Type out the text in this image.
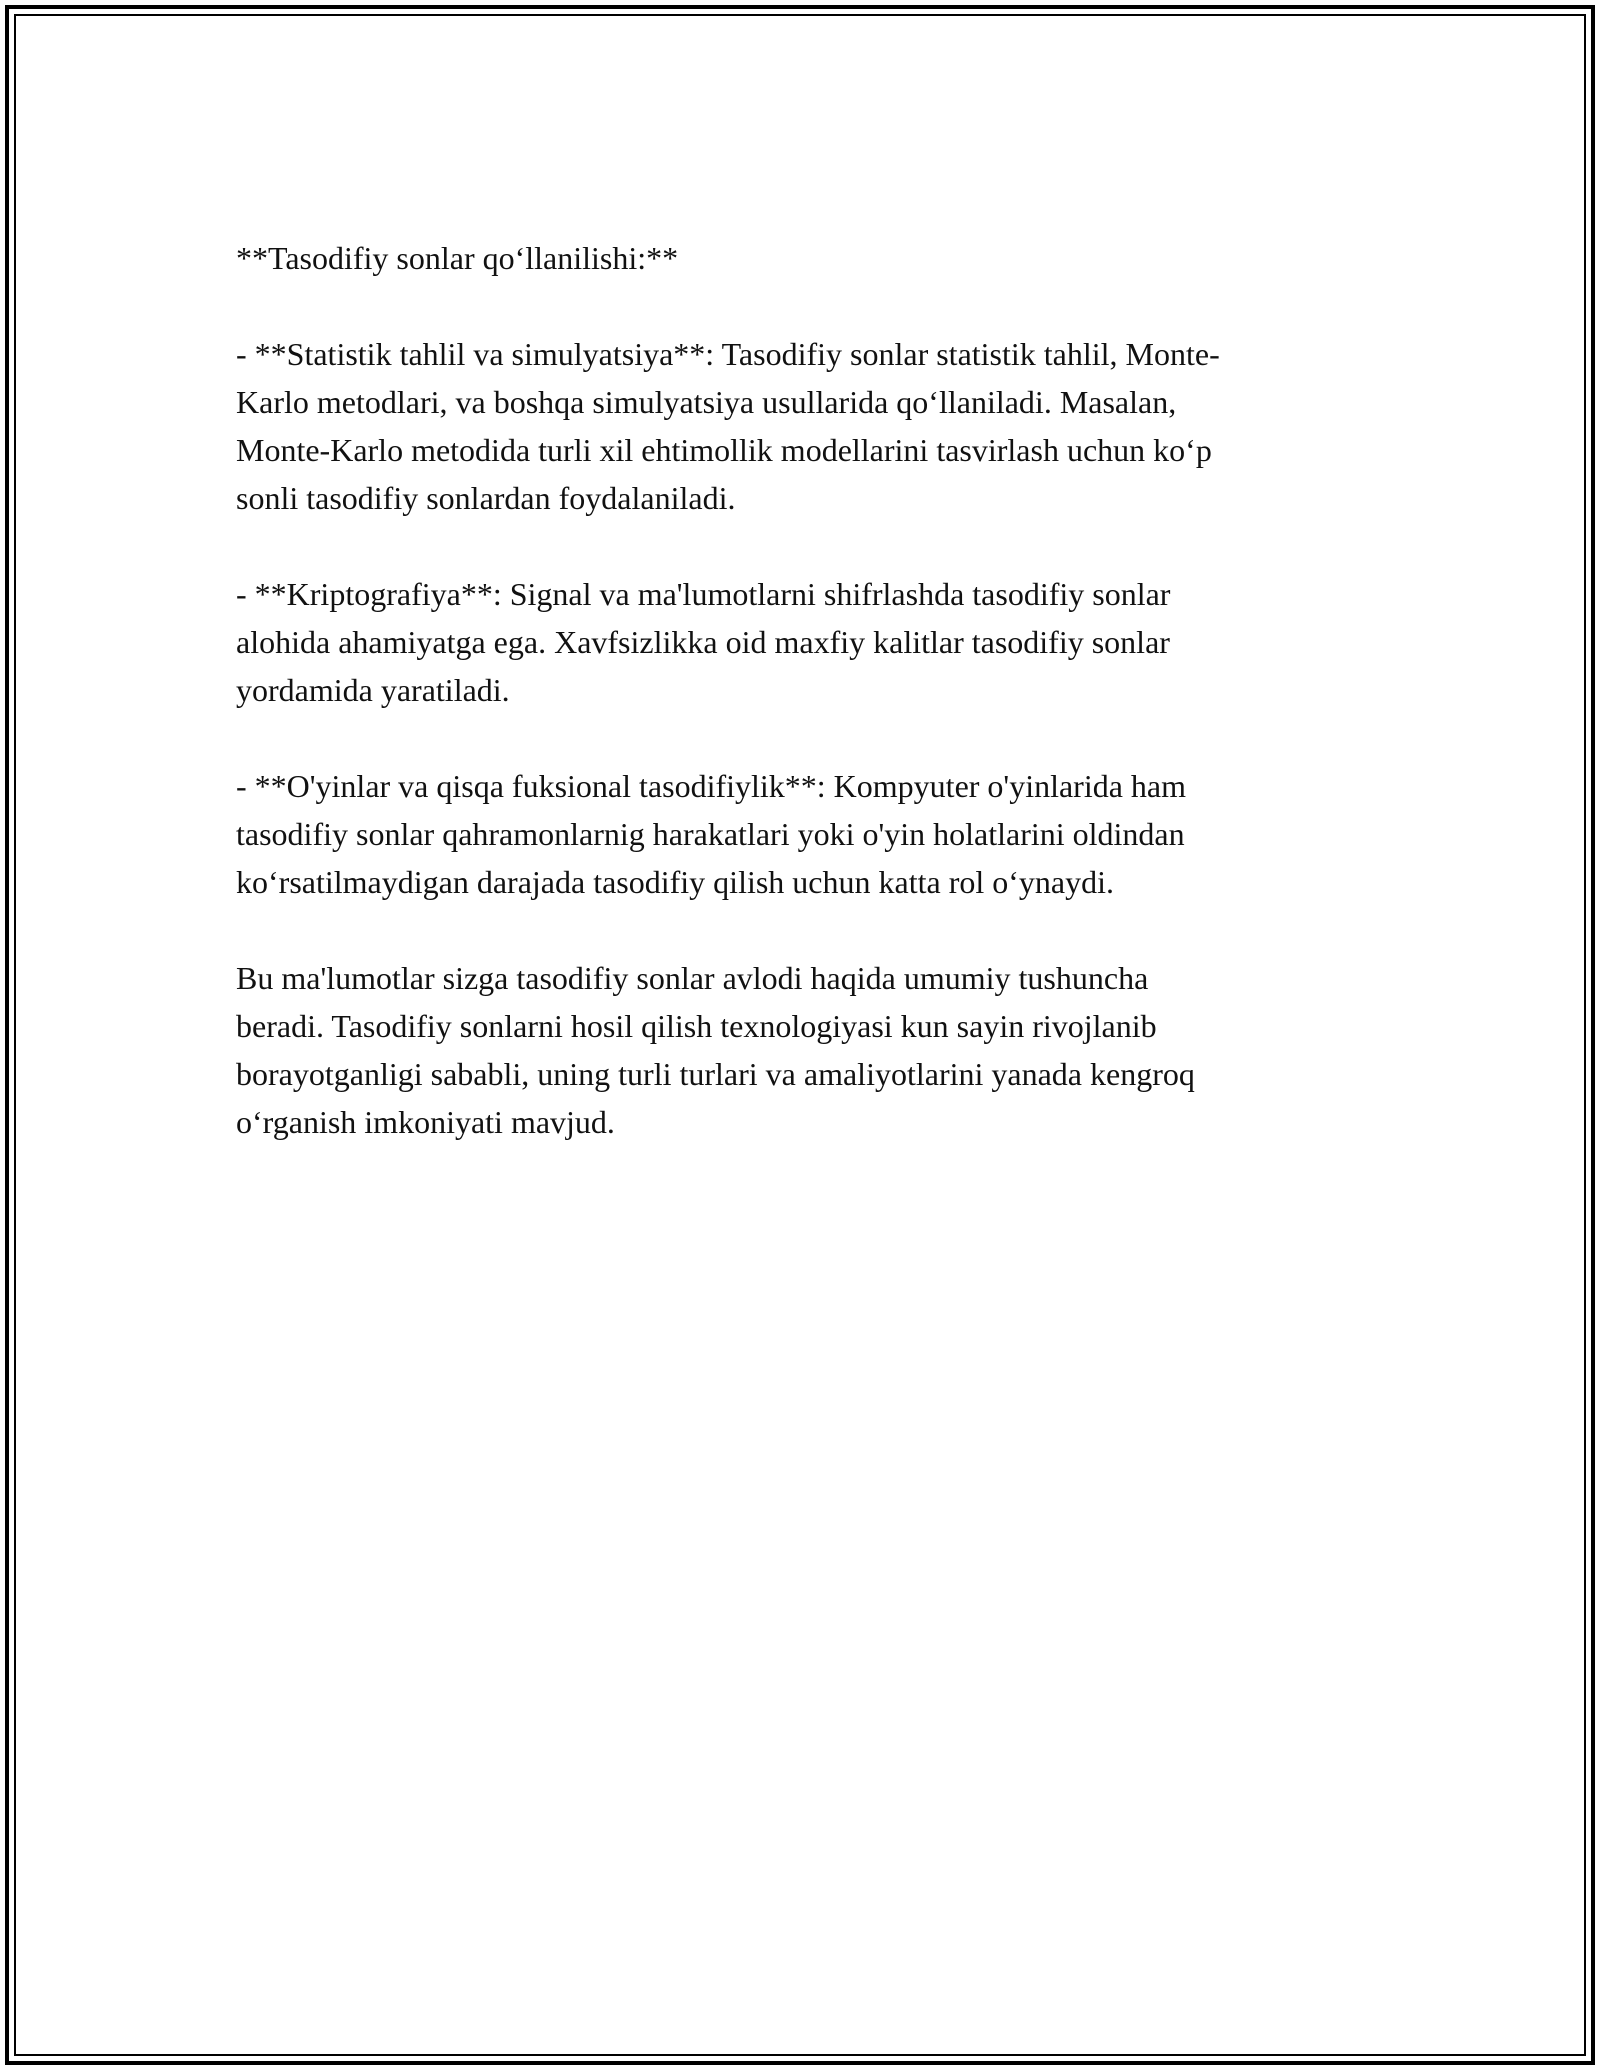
**Tasodifiy sonlar qo‘llanilishi:**

- **Statistik tahlil va simulyatsiya**: Tasodifiy sonlar statistik tahlil, Monte-
Karlo metodlari, va boshqa simulyatsiya usullarida qo‘llaniladi. Masalan,
Monte-Karlo metodida turli xil ehtimollik modellarini tasvirlash uchun ko‘p
sonli tasodifiy sonlardan foydalaniladi.

- **Kriptografiya**: Signal va ma'lumotlarni shifrlashda tasodifiy sonlar
alohida ahamiyatga ega. Xavfsizlikka oid maxfiy kalitlar tasodifiy sonlar
yordamida yaratiladi.

- **O'yinlar va qisqa fuksional tasodifiylik**: Kompyuter o'yinlarida ham
tasodifiy sonlar qahramonlarnig harakatlari yoki o'yin holatlarini oldindan
ko‘rsatilmaydigan darajada tasodifiy qilish uchun katta rol o‘ynaydi.

Bu ma'lumotlar sizga tasodifiy sonlar avlodi haqida umumiy tushuncha
beradi. Tasodifiy sonlarni hosil qilish texnologiyasi kun sayin rivojlanib
borayotganligi sababli, uning turli turlari va amaliyotlarini yanada kengroq
o‘rganish imkoniyati mavjud.
